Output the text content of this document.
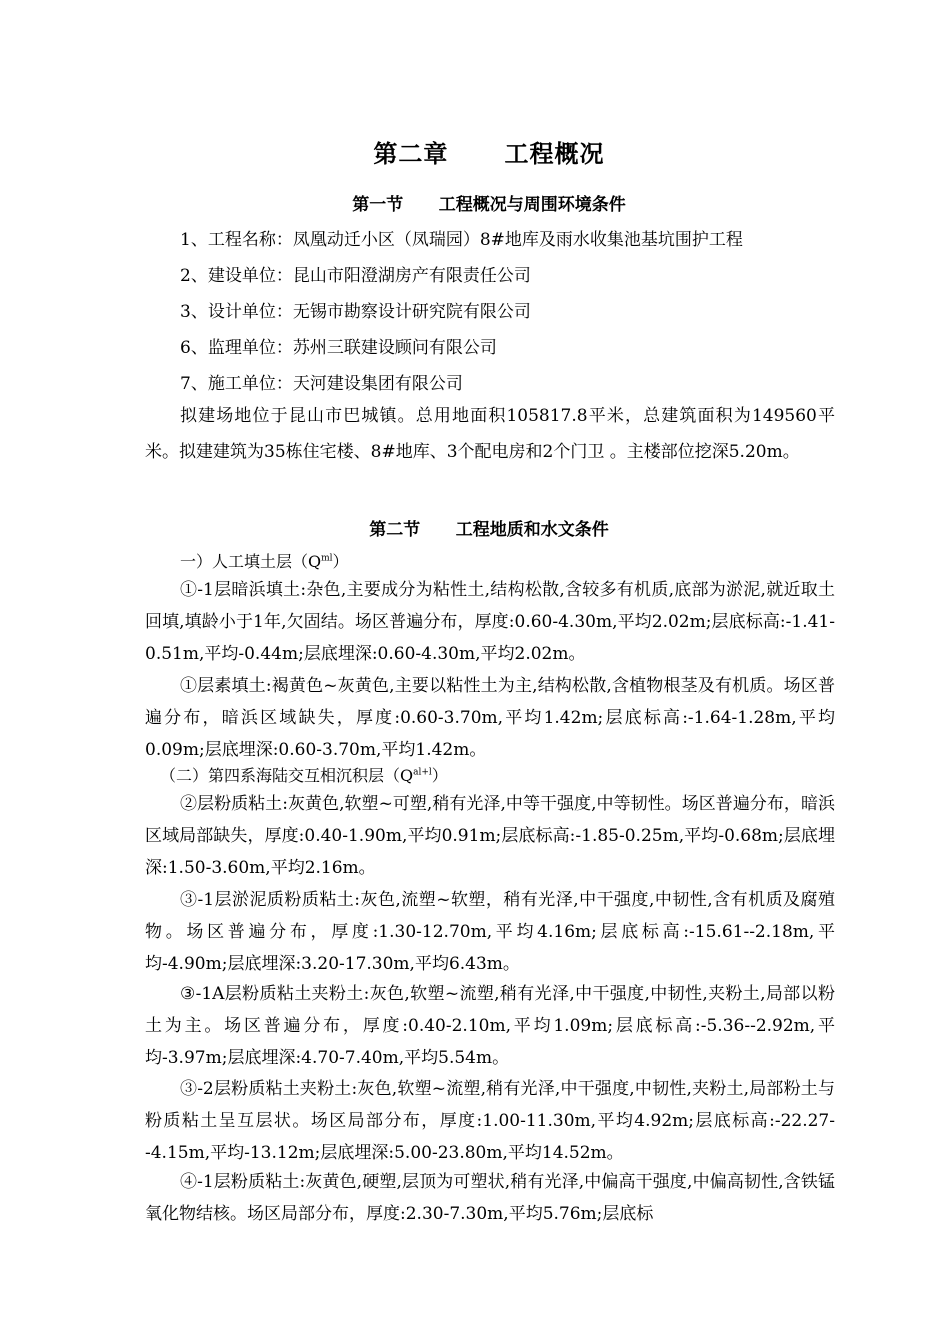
第二章      工程概况
第一节      工程概况与周围环境条件
1、工程名称：凤凰动迁小区（凤瑞园）8#地库及雨水收集池基坑围护工程
2、建设单位：昆山市阳澄湖房产有限责任公司
3、设计单位：无锡市勘察设计研究院有限公司
6、监理单位：苏州三联建设顾问有限公司
7、施工单位：天河建设集团有限公司

拟建场地位于昆山市巴城镇。总用地面积105817.8平米，总建筑面积为149560平米。拟建建筑为35栋住宅楼、8#地库、3个配电房和2个门卫 。主楼部位挖深5.20m。

第二节      工程地质和水文条件
一）人工填土层$(Q^{ml})$

①-1层暗浜填土:杂色,主要成分为粘性土,结构松散,含较多有机质,底部为淤泥,就近取土回填,填龄小于1年,欠固结。场区普遍分布，厚度:0.60-4.30m,平均2.02m;层底标高:-1.41-0.51m,平均-0.44m;层底埋深:0.60-4.30m,平均2.02m。

①层素填土:褐黄色~灰黄色,主要以粘性土为主,结构松散,含植物根茎及有机质。场区普遍分布，暗浜区域缺失，厚度:0.60-3.70m,平均1.42m;层底标高:-1.64-1.28m,平均0.09m;层底埋深:0.60-3.70m,平均1.42m。

（二）第四系海陆交互相沉积层$(Q^{al+l})$

②层粉质粘土:灰黄色,软塑~可塑,稍有光泽,中等干强度,中等韧性。场区普遍分布，暗浜区域局部缺失，厚度:0.40-1.90m,平均0.91m;层底标高:-1.85-0.25m,平均-0.68m;层底埋深:1.50-3.60m,平均2.16m。

③-1层淤泥质粉质粘土:灰色,流塑~软塑，稍有光泽,中干强度,中韧性,含有机质及腐殖物。场区普遍分布，厚度:1.30-12.70m,平均4.16m;层底标高:-15.61--2.18m,平均-4.90m;层底埋深:3.20-17.30m,平均6.43m。

③-1A层粉质粘土夹粉土:灰色,软塑~流塑,稍有光泽,中干强度,中韧性,夹粉土,局部以粉土为主。场区普遍分布，厚度:0.40-2.10m,平均1.09m;层底标高:-5.36--2.92m,平均-3.97m;层底埋深:4.70-7.40m,平均5.54m。

③-2层粉质粘土夹粉土:灰色,软塑~流塑,稍有光泽,中干强度,中韧性,夹粉土,局部粉土与粉质粘土呈互层状。场区局部分布，厚度:1.00-11.30m,平均4.92m;层底标高:-22.27--4.15m,平均-13.12m;层底埋深:5.00-23.80m,平均14.52m。

④-1层粉质粘土:灰黄色,硬塑,层顶为可塑状,稍有光泽,中偏高干强度,中偏高韧性,含铁锰氧化物结核。场区局部分布，厚度:2.30-7.30m,平均5.76m;层底标
